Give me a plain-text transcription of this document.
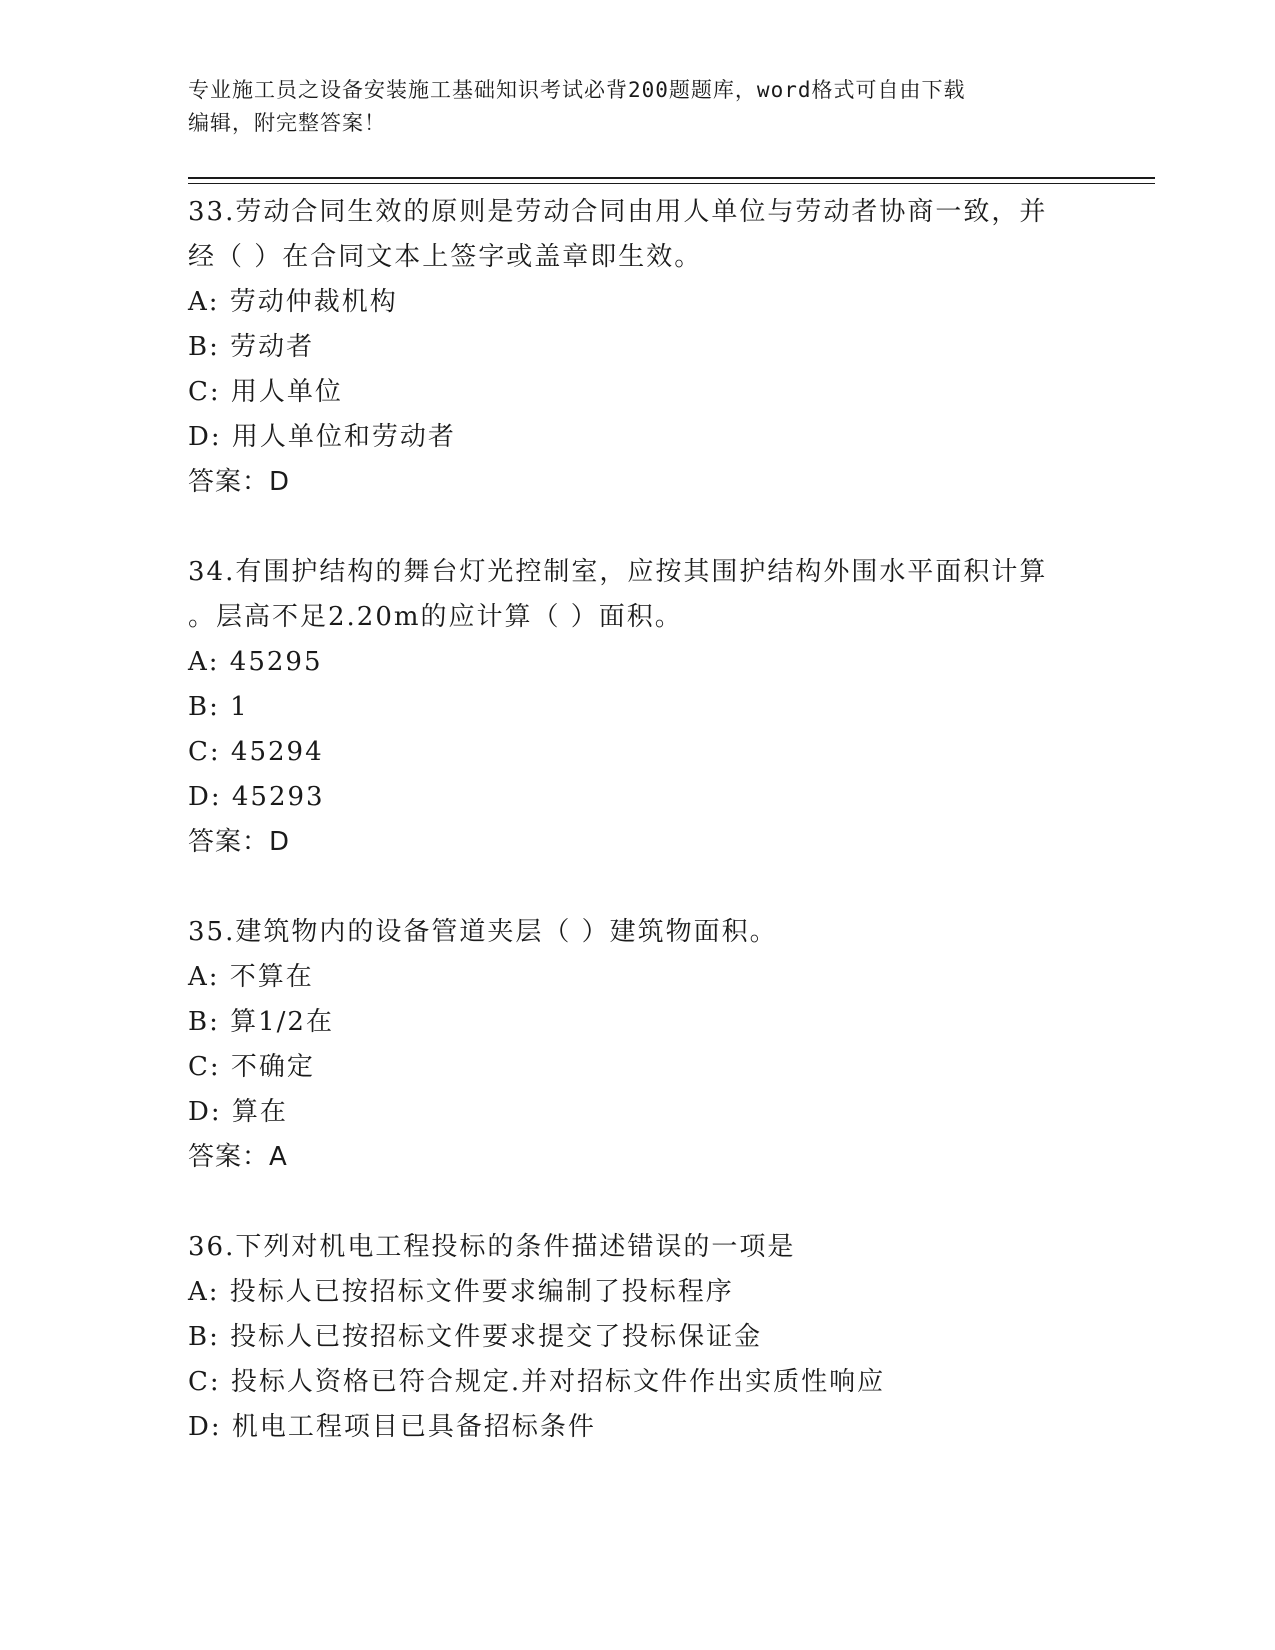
专业施工员之设备安装施工基础知识考试必背200题题库，word格式可自由下载
编辑，附完整答案！

33.劳动合同生效的原则是劳动合同由用人单位与劳动者协商一致，并
经（ ）在合同文本上签字或盖章即生效。

A: 劳动仲裁机构

B: 劳动者

C: 用人单位

D: 用人单位和劳动者

答案：D

34.有围护结构的舞台灯光控制室，应按其围护结构外围水平面积计算
。层高不足2.20m的应计算（ ）面积。

A: 45295

B: 1

C: 45294

D: 45293

答案：D

35.建筑物内的设备管道夹层（ ）建筑物面积。

A: 不算在

B: 算1/2在

C: 不确定

D: 算在

答案：A

36.下列对机电工程投标的条件描述错误的一项是

A: 投标人已按招标文件要求编制了投标程序

B: 投标人已按招标文件要求提交了投标保证金

C: 投标人资格已符合规定.并对招标文件作出实质性响应

D: 机电工程项目已具备招标条件
